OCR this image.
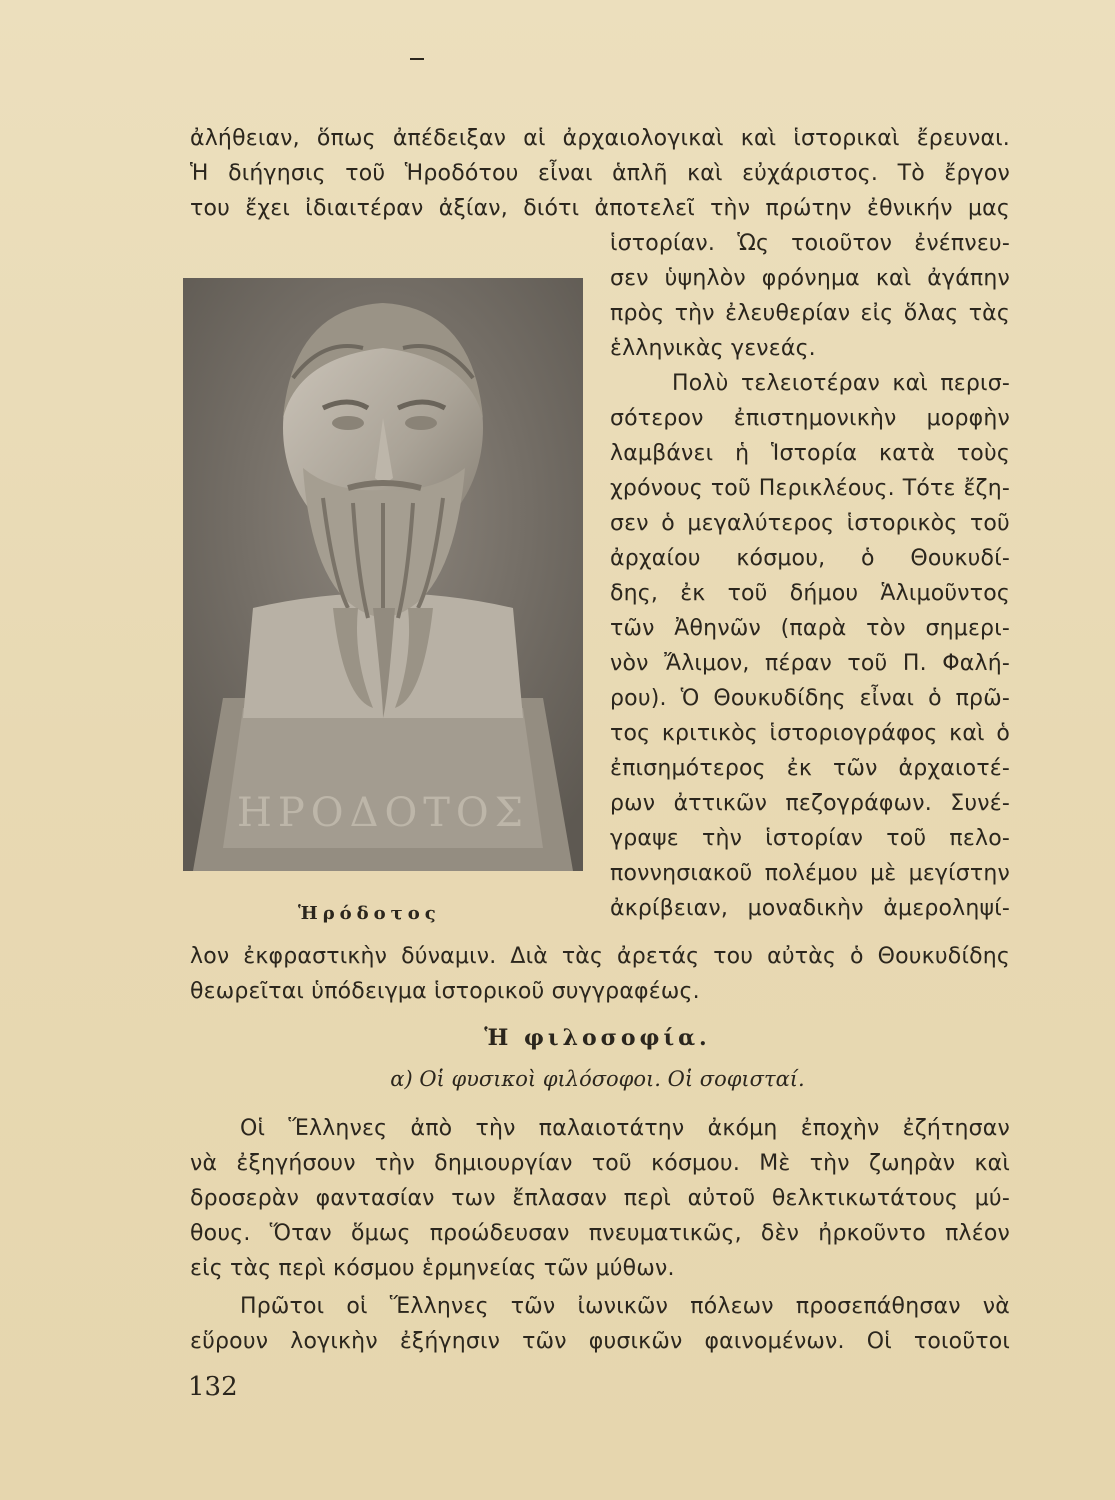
ἀλήθειαν, ὅπως ἀπέδειξαν αἱ ἀρχαιολογικαὶ καὶ ἱστορικαὶ ἔρευναι.
Ἡ διήγησις τοῦ Ἡροδότου εἶναι ἁπλῆ καὶ εὐχάριστος. Τὸ ἔργον
του ἔχει ἰδιαιτέραν ἀξίαν, διότι ἀποτελεῖ τὴν πρώτην ἐθνικήν μας
ἱστορίαν. Ὡς τοιοῦτον ἐνέπνευ-
σεν ὑψηλὸν φρόνημα καὶ ἀγάπην
πρὸς τὴν ἐλευθερίαν εἰς ὅλας τὰς
ἑλληνικὰς γενεάς.
Πολὺ τελειοτέραν καὶ περισ-
σότερον ἐπιστημονικὴν μορφὴν
λαμβάνει ἡ Ἱστορία κατὰ τοὺς
χρόνους τοῦ Περικλέους. Τότε ἔζη-
σεν ὁ μεγαλύτερος ἱστορικὸς τοῦ
ἀρχαίου κόσμου, ὁ Θουκυδί-
δης, ἐκ τοῦ δήμου Ἁλιμοῦντος
τῶν Ἀθηνῶν (παρὰ τὸν σημερι-
νὸν Ἄλιμον, πέραν τοῦ Π. Φαλή-
ρου). Ὁ Θουκυδίδης εἶναι ὁ πρῶ-
τος κριτικὸς ἱστοριογράφος καὶ ὁ
ἐπισημότερος ἐκ τῶν ἀρχαιοτέ-
ρων ἀττικῶν πεζογράφων. Συνέ-
γραψε τὴν ἱστορίαν τοῦ πελο-
ποννησιακοῦ πολέμου μὲ μεγίστην
ἀκρίβειαν, μοναδικὴν ἀμεροληψί-
ΗΡΟΔΟΤΟΣ
Ἡρόδοτος
λον ἐκφραστικὴν δύναμιν. Διὰ τὰς ἀρετάς του αὐτὰς ὁ Θουκυδίδης
θεωρεῖται ὑπόδειγμα ἱστορικοῦ συγγραφέως.
Ἡ φιλοσοφία.
α) Οἱ φυσικοὶ φιλόσοφοι. Οἱ σοφισταί.
Οἱ Ἕλληνες ἀπὸ τὴν παλαιοτάτην ἀκόμη ἐποχὴν ἐζήτησαν
νὰ ἐξηγήσουν τὴν δημιουργίαν τοῦ κόσμου. Μὲ τὴν ζωηρὰν καὶ
δροσερὰν φαντασίαν των ἔπλασαν περὶ αὐτοῦ θελκτικωτάτους μύ-
θους. Ὅταν ὅμως προώδευσαν πνευματικῶς, δὲν ἠρκοῦντο πλέον
εἰς τὰς περὶ κόσμου ἑρμηνείας τῶν μύθων.
Πρῶτοι οἱ Ἕλληνες τῶν ἰωνικῶν πόλεων προσεπάθησαν νὰ
εὕρουν λογικὴν ἐξήγησιν τῶν φυσικῶν φαινομένων. Οἱ τοιοῦτοι
132
